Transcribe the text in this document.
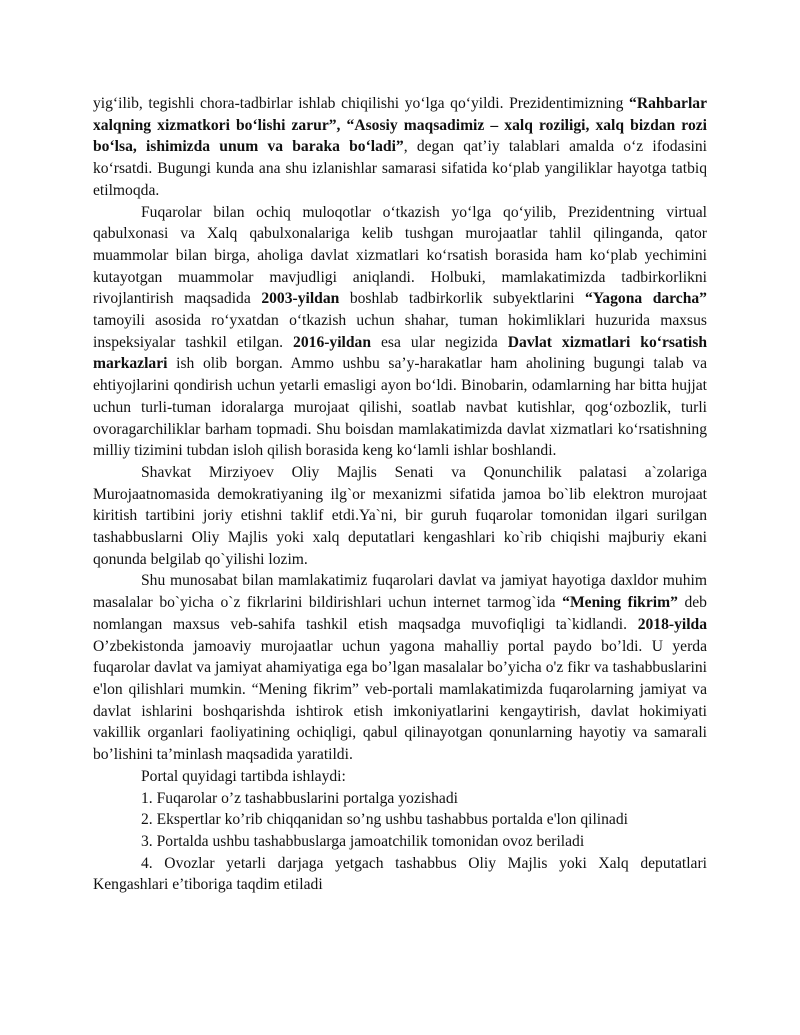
yig‘ilib, tegishli chora-tadbirlar ishlab chiqilishi yo‘lga qo‘yildi. Prezidentimizning “Rahbarlar xalqning xizmatkori bo‘lishi zarur”, “Asosiy maqsadimiz – xalq roziligi, xalq bizdan rozi bo‘lsa, ishimizda unum va baraka bo‘ladi”, degan qat’iy talablari amalda o‘z ifodasini ko‘rsatdi. Bugungi kunda ana shu izlanishlar samarasi sifatida ko‘plab yangiliklar hayotga tatbiq etilmoqda.

Fuqarolar bilan ochiq muloqotlar o‘tkazish yo‘lga qo‘yilib, Prezidentning virtual qabulxonasi va Xalq qabulxonalariga kelib tushgan murojaatlar tahlil qilinganda, qator muammolar bilan birga, aholiga davlat xizmatlari ko‘rsatish borasida ham ko‘plab yechimini kutayotgan muammolar mavjudligi aniqlandi. Holbuki, mamlakatimizda tadbirkorlikni rivojlantirish maqsadida 2003-yildan boshlab tadbirkorlik subyektlarini “Yagona darcha” tamoyili asosida ro‘yxatdan o‘tkazish uchun shahar, tuman hokimliklari huzurida maxsus inspeksiyalar tashkil etilgan. 2016-yildan esa ular negizida Davlat xizmatlari ko‘rsatish markazlari ish olib borgan. Ammo ushbu sa’y-harakatlar ham aholining bugungi talab va ehtiyojlarini qondirish uchun yetarli emasligi ayon bo‘ldi. Binobarin, odamlarning har bitta hujjat uchun turli-tuman idoralarga murojaat qilishi, soatlab navbat kutishlar, qog‘ozbozlik, turli ovoragarchiliklar barham topmadi. Shu boisdan mamlakatimizda davlat xizmatlari ko‘rsatishning milliy tizimini tubdan isloh qilish borasida keng ko‘lamli ishlar boshlandi.

Shavkat Mirziyoev Oliy Majlis Senati va Qonunchilik palatasi a`zolariga Murojaatnomasida demokratiyaning ilg`or mexanizmi sifatida jamoa bo`lib elektron murojaat kiritish tartibini joriy etishni taklif etdi.Ya`ni, bir guruh fuqarolar tomonidan ilgari surilgan tashabbuslarni Oliy Majlis yoki xalq deputatlari kengashlari ko`rib chiqishi majburiy ekani qonunda belgilab qo`yilishi lozim.

Shu munosabat bilan mamlakatimiz fuqarolari davlat va jamiyat hayotiga daxldor muhim masalalar bo`yicha o`z fikrlarini bildirishlari uchun internet tarmog`ida “Mening fikrim” deb nomlangan maxsus veb-sahifa tashkil etish maqsadga muvofiqligi ta`kidlandi. 2018-yilda O’zbekistonda jamoaviy murojaatlar uchun yagona mahalliy portal paydo bo’ldi. U yerda fuqarolar davlat va jamiyat ahamiyatiga ega bo’lgan masalalar bo’yicha o'z fikr va tashabbuslarini e'lon qilishlari mumkin. “Mening fikrim” veb-portali mamlakatimizda fuqarolarning jamiyat va davlat ishlarini boshqarishda ishtirok etish imkoniyatlarini kengaytirish, davlat hokimiyati vakillik organlari faoliyatining ochiqligi, qabul qilinayotgan qonunlarning hayotiy va samarali bo’lishini ta’minlash maqsadida yaratildi.

Portal quyidagi tartibda ishlaydi:

1. Fuqarolar o’z tashabbuslarini portalga yozishadi

2. Ekspertlar ko’rib chiqqanidan so’ng ushbu tashabbus portalda e'lon qilinadi

3. Portalda ushbu tashabbuslarga jamoatchilik tomonidan ovoz beriladi

4. Ovozlar yetarli darjaga yetgach tashabbus Oliy Majlis yoki Xalq deputatlari Kengashlari e’tiboriga taqdim etiladi
